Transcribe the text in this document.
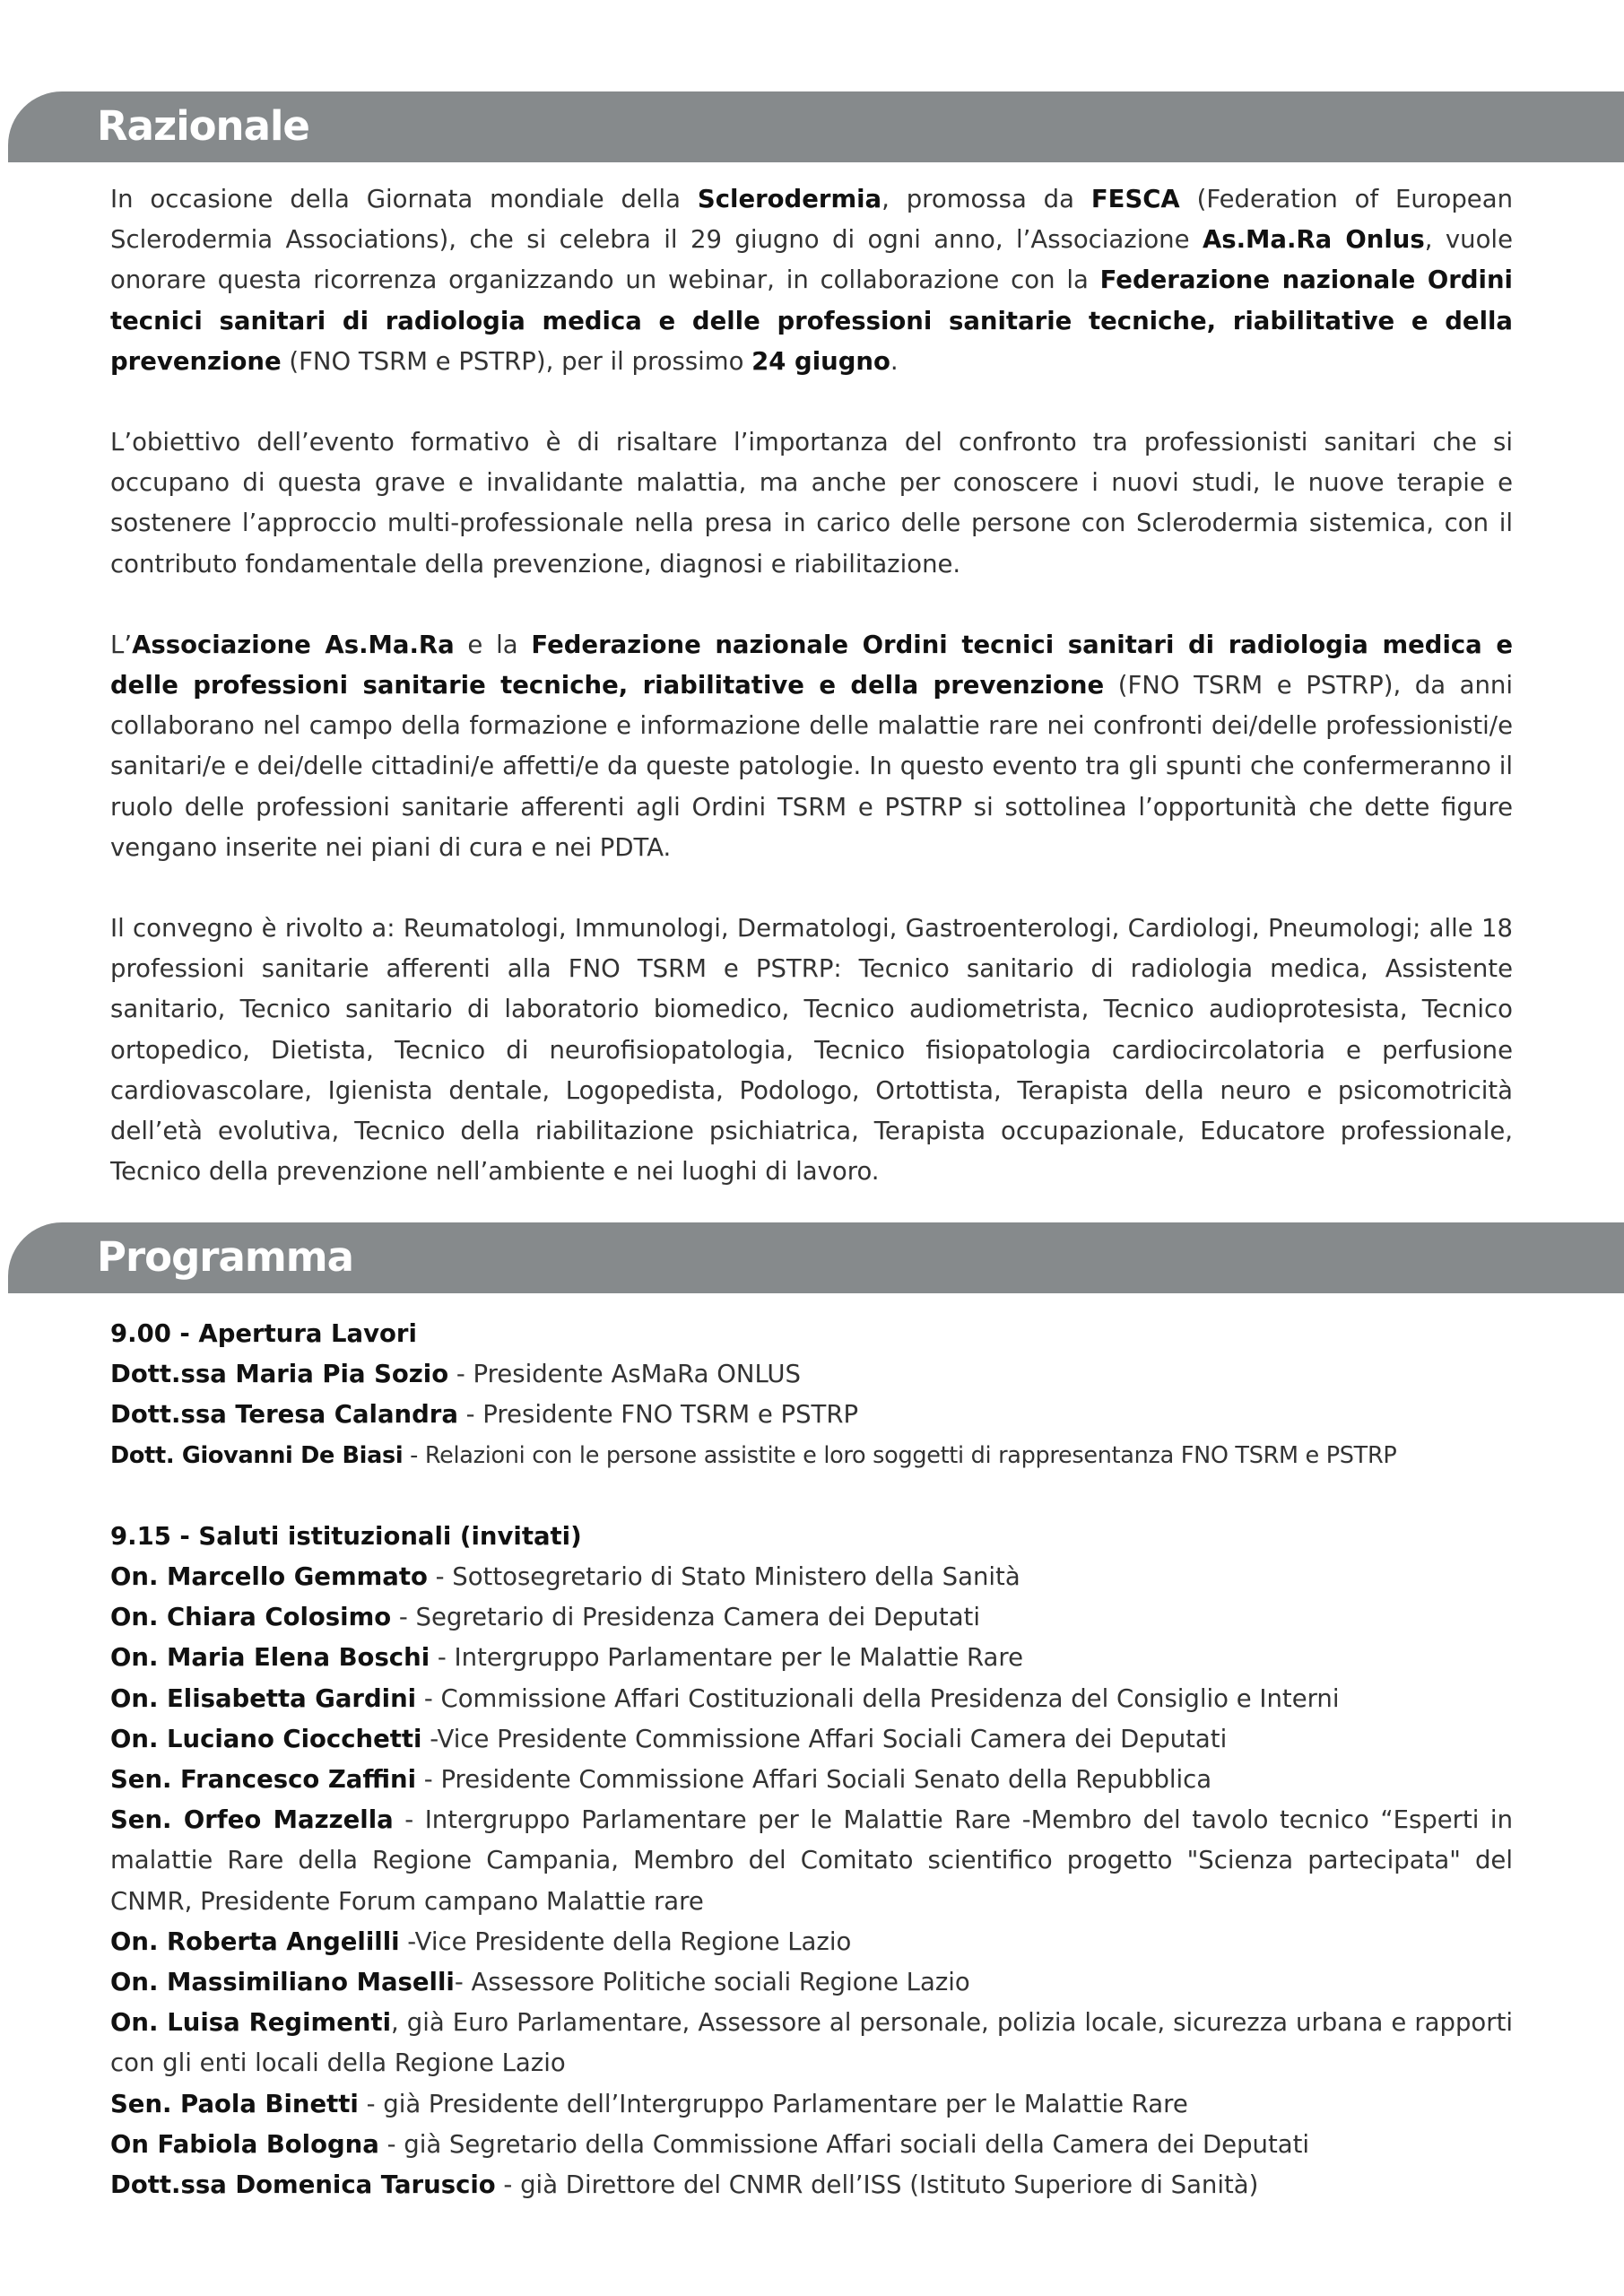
Razionale

In occasione della Giornata mondiale della Sclerodermia, promossa da FESCA (Federation of European Sclerodermia Associations), che si celebra il 29 giugno di ogni anno, l’Associazione As.Ma.Ra Onlus, vuole onorare questa ricorrenza organizzando un webinar, in collaborazione con la Federazione nazionale Ordini tecnici sanitari di radiologia medica e delle professioni sanitarie tecniche, riabilitative e della prevenzione (FNO TSRM e PSTRP), per il prossimo 24 giugno.

L’obiettivo dell’evento formativo è di risaltare l’importanza del confronto tra professionisti sanitari che si occupano di questa grave e invalidante malattia, ma anche per conoscere i nuovi studi, le nuove terapie e sostenere l’approccio multi-professionale nella presa in carico delle persone con Sclerodermia sistemica, con il contributo fondamentale della prevenzione, diagnosi e riabilitazione.

L’Associazione As.Ma.Ra e la Federazione nazionale Ordini tecnici sanitari di radiologia medica e delle professioni sanitarie tecniche, riabilitative e della prevenzione (FNO TSRM e PSTRP), da anni collaborano nel campo della formazione e informazione delle malattie rare nei confronti dei/delle professionisti/e sanitari/e e dei/delle cittadini/e affetti/e da queste patologie. In questo evento tra gli spunti che confermeranno il ruolo delle professioni sanitarie afferenti agli Ordini TSRM e PSTRP si sottolinea l’opportunità che dette figure vengano inserite nei piani di cura e nei PDTA.

Il convegno è rivolto a: Reumatologi, Immunologi, Dermatologi, Gastroenterologi, Cardiologi, Pneumologi; alle 18 professioni sanitarie afferenti alla FNO TSRM e PSTRP: Tecnico sanitario di radiologia medica, Assistente sanitario, Tecnico sanitario di laboratorio biomedico, Tecnico audiometrista, Tecnico audioprotesista, Tecnico ortopedico, Dietista, Tecnico di neurofisiopatologia, Tecnico fisiopatologia cardiocircolatoria e perfusione cardiovascolare, Igienista dentale, Logopedista, Podologo, Ortottista, Terapista della neuro e psicomotricità dell’età evolutiva, Tecnico della riabilitazione psichiatrica, Terapista occupazionale, Educatore professionale, Tecnico della prevenzione nell’ambiente e nei luoghi di lavoro.

Programma
9.00 - Apertura Lavori
Dott.ssa Maria Pia Sozio - Presidente AsMaRa ONLUS
Dott.ssa Teresa Calandra - Presidente FNO TSRM e PSTRP
Dott. Giovanni De Biasi - Relazioni con le persone assistite e loro soggetti di rappresentanza FNO TSRM e PSTRP
9.15 - Saluti istituzionali (invitati)
On. Marcello Gemmato - Sottosegretario di Stato Ministero della Sanità
On. Chiara Colosimo - Segretario di Presidenza Camera dei Deputati
On. Maria Elena Boschi - Intergruppo Parlamentare per le Malattie Rare
On. Elisabetta Gardini - Commissione Affari Costituzionali della Presidenza del Consiglio e Interni
On. Luciano Ciocchetti -Vice Presidente Commissione Affari Sociali Camera dei Deputati
Sen. Francesco Zaffini - Presidente Commissione Affari Sociali Senato della Repubblica
Sen. Orfeo Mazzella - Intergruppo Parlamentare per le Malattie Rare -Membro del tavolo tecnico “Esperti in malattie Rare della Regione Campania, Membro del Comitato scientifico progetto "Scienza partecipata" del CNMR, Presidente Forum campano Malattie rare
On. Roberta Angelilli -Vice Presidente della Regione Lazio
On. Massimiliano Maselli- Assessore Politiche sociali Regione Lazio
On. Luisa Regimenti, già Euro Parlamentare, Assessore al personale, polizia locale, sicurezza urbana e rapporti con gli enti locali della Regione Lazio
Sen. Paola Binetti - già Presidente dell’Intergruppo Parlamentare per le Malattie Rare
On Fabiola Bologna - già Segretario della Commissione Affari sociali della Camera dei Deputati
Dott.ssa Domenica Taruscio - già Direttore del CNMR dell’ISS (Istituto Superiore di Sanità)
